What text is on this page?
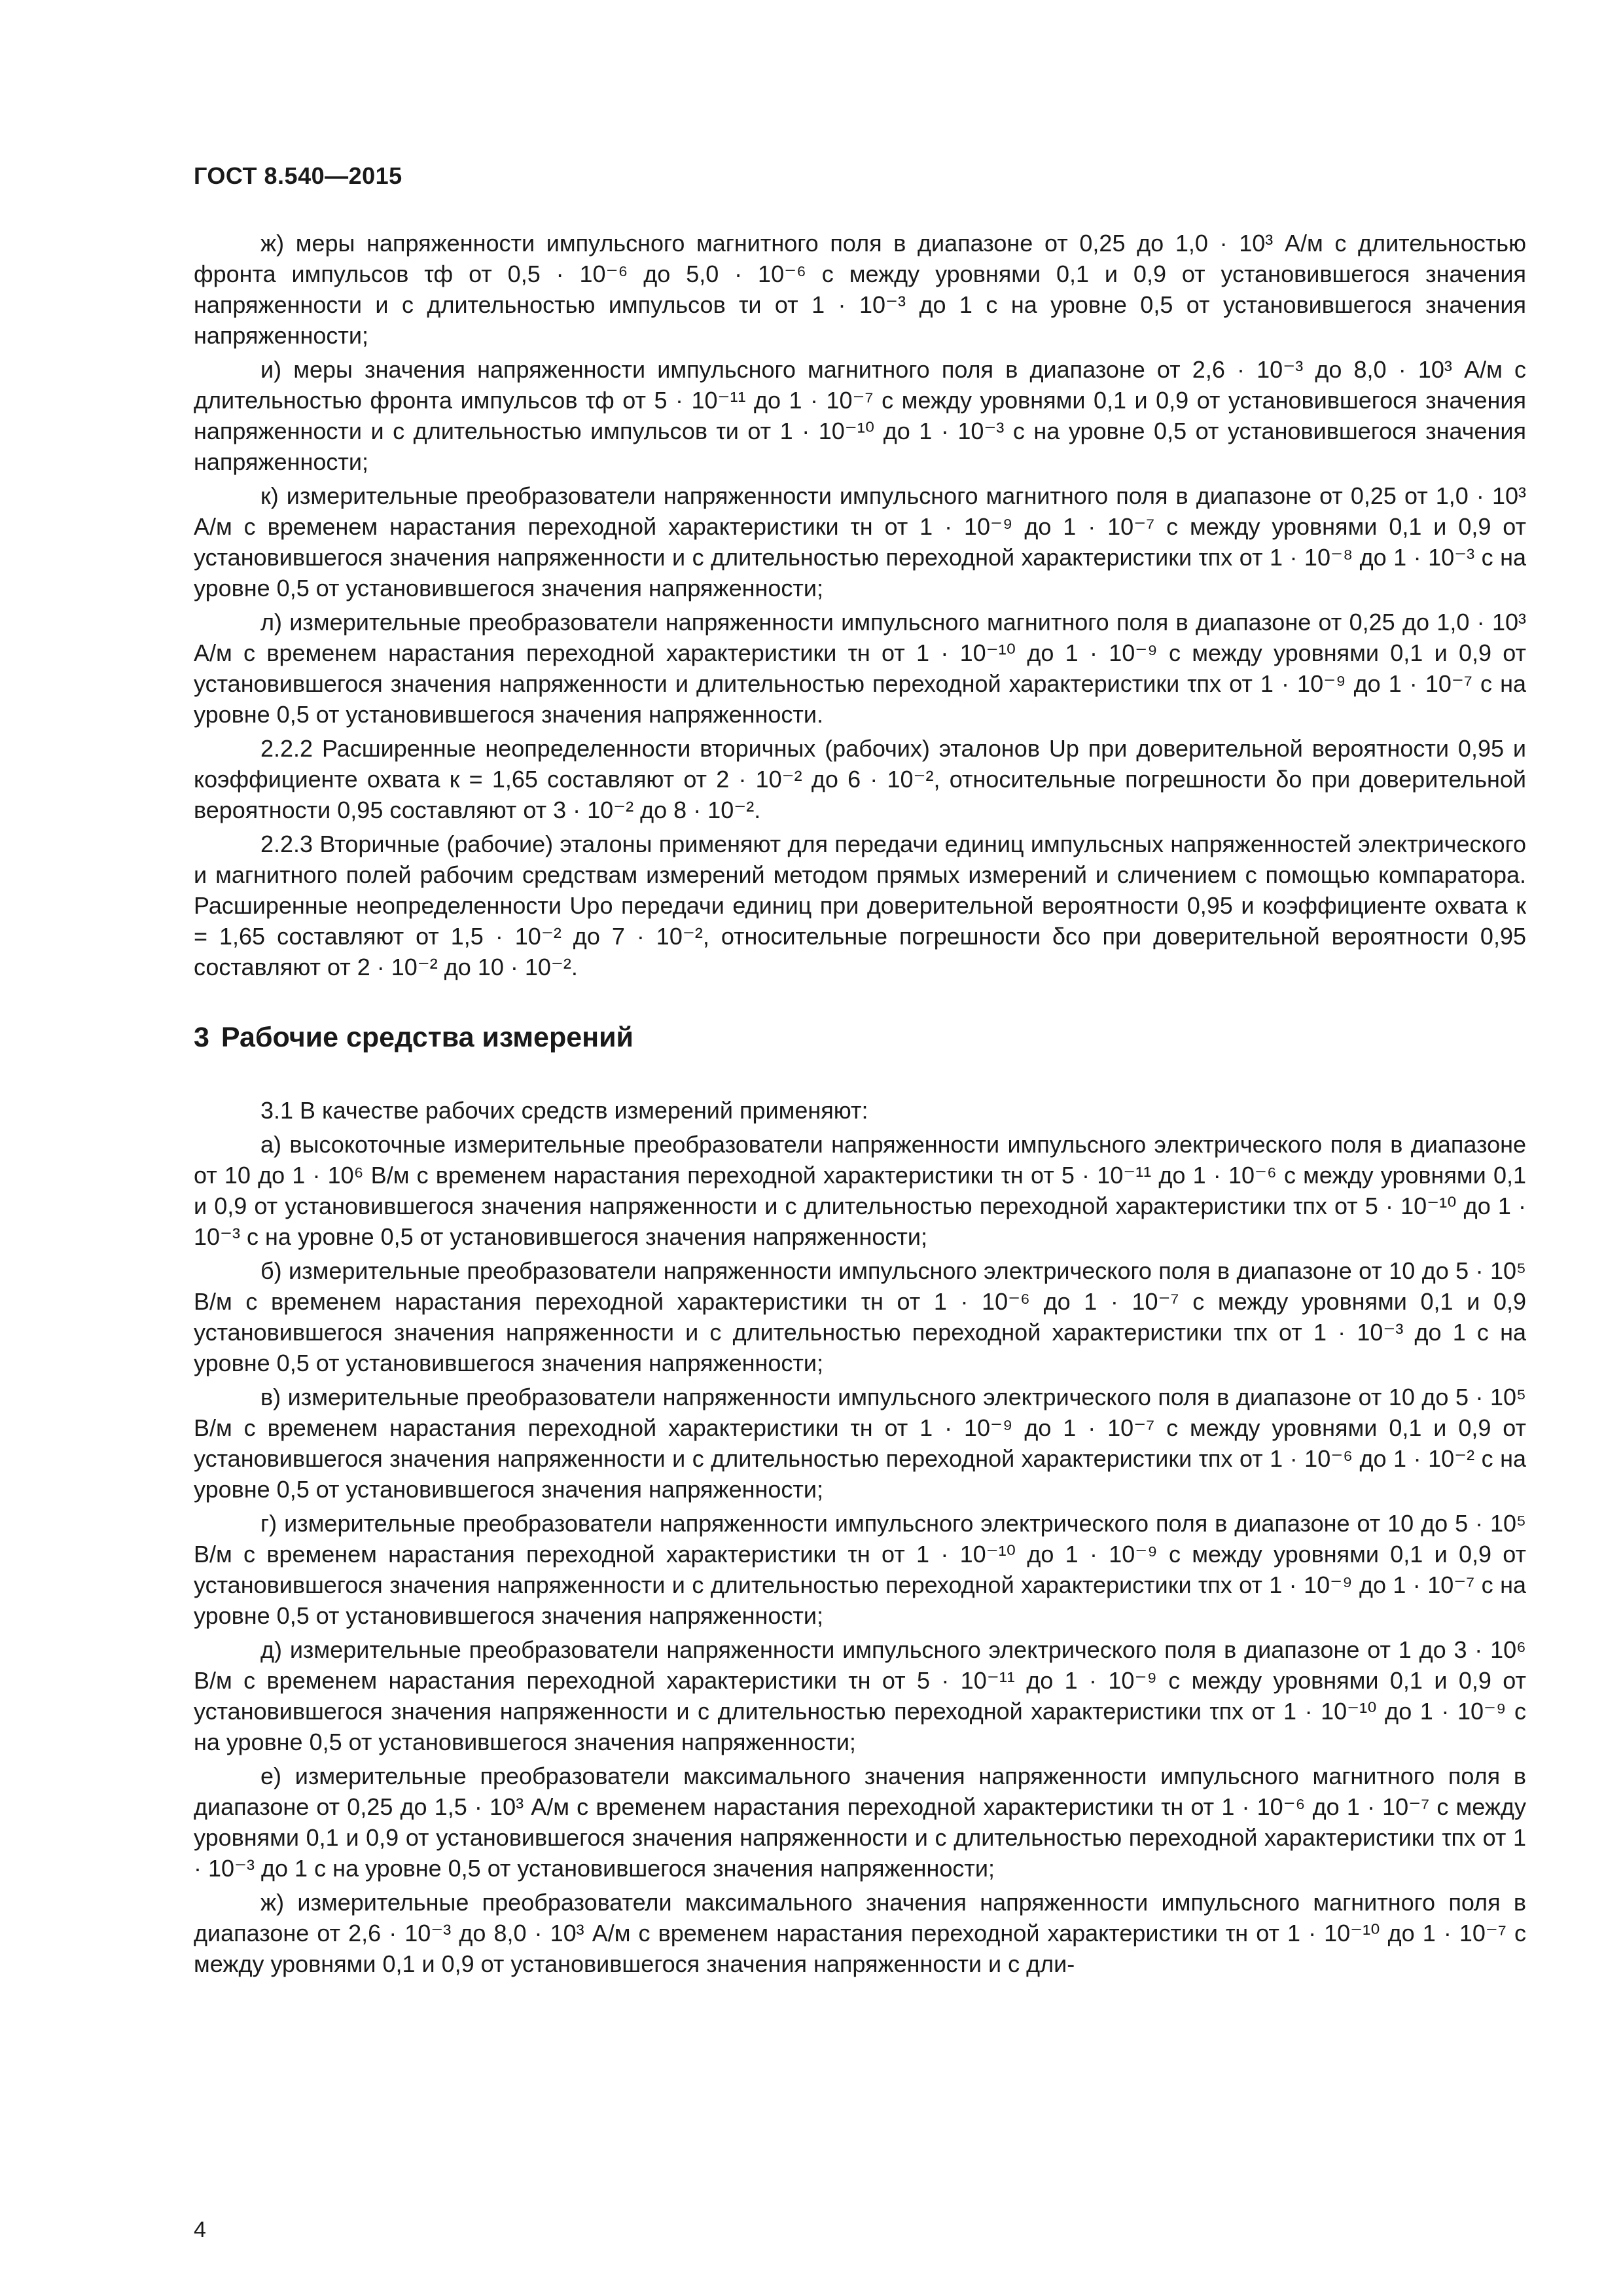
ГОСТ 8.540—2015

ж) меры напряженности импульсного магнитного поля в диапазоне от 0,25 до 1,0 · 10³ А/м с длительностью фронта импульсов τф от 0,5 · 10⁻⁶ до 5,0 · 10⁻⁶ с между уровнями 0,1 и 0,9 от установившегося значения напряженности и с длительностью импульсов τи от 1 · 10⁻³ до 1 с на уровне 0,5 от установившегося значения напряженности;

и) меры значения напряженности импульсного магнитного поля в диапазоне от 2,6 · 10⁻³ до 8,0 · 10³ А/м с длительностью фронта импульсов τф от 5 · 10⁻¹¹ до 1 · 10⁻⁷ с между уровнями 0,1 и 0,9 от установившегося значения напряженности и с длительностью импульсов τи от 1 · 10⁻¹⁰ до 1 · 10⁻³ с на уровне 0,5 от установившегося значения напряженности;

к) измерительные преобразователи напряженности импульсного магнитного поля в диапазоне от 0,25 от 1,0 · 10³ А/м с временем нарастания переходной характеристики τн от 1 · 10⁻⁹ до 1 · 10⁻⁷ с между уровнями 0,1 и 0,9 от установившегося значения напряженности и с длительностью переходной характеристики τпх от 1 · 10⁻⁸ до 1 · 10⁻³ с на уровне 0,5 от установившегося значения напряженности;

л) измерительные преобразователи напряженности импульсного магнитного поля в диапазоне от 0,25 до 1,0 · 10³ А/м с временем нарастания переходной характеристики τн от 1 · 10⁻¹⁰ до 1 · 10⁻⁹ с между уровнями 0,1 и 0,9 от установившегося значения напряженности и длительностью переходной характеристики τпх от 1 · 10⁻⁹ до 1 · 10⁻⁷ с на уровне 0,5 от установившегося значения напряженности.

2.2.2 Расширенные неопределенности вторичных (рабочих) эталонов Uр при доверительной вероятности 0,95 и коэффициенте охвата к = 1,65 составляют от 2 · 10⁻² до 6 · 10⁻², относительные погрешности δо при доверительной вероятности 0,95 составляют от 3 · 10⁻² до 8 · 10⁻².

2.2.3 Вторичные (рабочие) эталоны применяют для передачи единиц импульсных напряженностей электрического и магнитного полей рабочим средствам измерений методом прямых измерений и сличением с помощью компаратора. Расширенные неопределенности Uро передачи единиц при доверительной вероятности 0,95 и коэффициенте охвата к = 1,65 составляют от 1,5 · 10⁻² до 7 · 10⁻², относительные погрешности δсо при доверительной вероятности 0,95 составляют от 2 · 10⁻² до 10 · 10⁻².

3 Рабочие средства измерений

3.1 В качестве рабочих средств измерений применяют:

а) высокоточные измерительные преобразователи напряженности импульсного электрического поля в диапазоне от 10 до 1 · 10⁶ В/м с временем нарастания переходной характеристики τн от 5 · 10⁻¹¹ до 1 · 10⁻⁶ с между уровнями 0,1 и 0,9 от установившегося значения напряженности и с длительностью переходной характеристики τпх от 5 · 10⁻¹⁰ до 1 · 10⁻³ с на уровне 0,5 от установившегося значения напряженности;

б) измерительные преобразователи напряженности импульсного электрического поля в диапазоне от 10 до 5 · 10⁵ В/м с временем нарастания переходной характеристики τн от 1 · 10⁻⁶ до 1 · 10⁻⁷ с между уровнями 0,1 и 0,9 установившегося значения напряженности и с длительностью переходной характеристики τпх от 1 · 10⁻³ до 1 с на уровне 0,5 от установившегося значения напряженности;

в) измерительные преобразователи напряженности импульсного электрического поля в диапазоне от 10 до 5 · 10⁵ В/м с временем нарастания переходной характеристики τн от 1 · 10⁻⁹ до 1 · 10⁻⁷ с между уровнями 0,1 и 0,9 от установившегося значения напряженности и с длительностью переходной характеристики τпх от 1 · 10⁻⁶ до 1 · 10⁻² с на уровне 0,5 от установившегося значения напряженности;

г) измерительные преобразователи напряженности импульсного электрического поля в диапазоне от 10 до 5 · 10⁵ В/м с временем нарастания переходной характеристики τн от 1 · 10⁻¹⁰ до 1 · 10⁻⁹ с между уровнями 0,1 и 0,9 от установившегося значения напряженности и с длительностью переходной характеристики τпх от 1 · 10⁻⁹ до 1 · 10⁻⁷ с на уровне 0,5 от установившегося значения напряженности;

д) измерительные преобразователи напряженности импульсного электрического поля в диапазоне от 1 до 3 · 10⁶ В/м с временем нарастания переходной характеристики τн от 5 · 10⁻¹¹ до 1 · 10⁻⁹ с между уровнями 0,1 и 0,9 от установившегося значения напряженности и с длительностью переходной характеристики τпх от 1 · 10⁻¹⁰ до 1 · 10⁻⁹ с на уровне 0,5 от установившегося значения напряженности;

е) измерительные преобразователи максимального значения напряженности импульсного магнитного поля в диапазоне от 0,25 до 1,5 · 10³ А/м с временем нарастания переходной характеристики τн от 1 · 10⁻⁶ до 1 · 10⁻⁷ с между уровнями 0,1 и 0,9 от установившегося значения напряженности и с длительностью переходной характеристики τпх от 1 · 10⁻³ до 1 с на уровне 0,5 от установившегося значения напряженности;

ж) измерительные преобразователи максимального значения напряженности импульсного магнитного поля в диапазоне от 2,6 · 10⁻³ до 8,0 · 10³ А/м с временем нарастания переходной характеристики τн от 1 · 10⁻¹⁰ до 1 · 10⁻⁷ с между уровнями 0,1 и 0,9 от установившегося значения напряженности и с дли-

4
